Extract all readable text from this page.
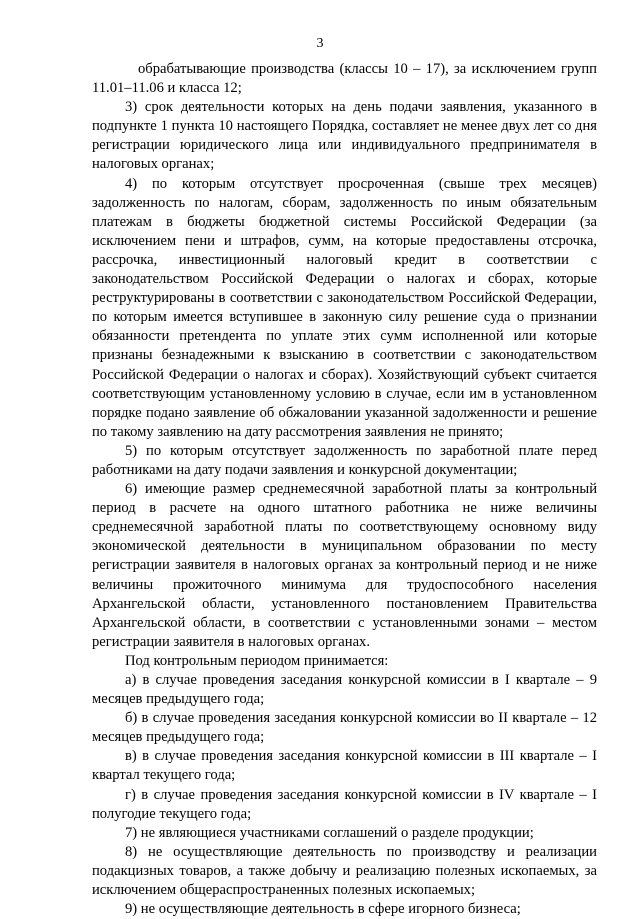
3

обрабатывающие производства (классы 10 – 17), за исключением групп 11.01–11.06 и класса 12;

3) срок деятельности которых на день подачи заявления, указанного в подпункте 1 пункта 10 настоящего Порядка, составляет не менее двух лет со дня регистрации юридического лица или индивидуального предпринимателя в налоговых органах;

4) по которым отсутствует просроченная (свыше трех месяцев) задолженность по налогам, сборам, задолженность по иным обязательным платежам в бюджеты бюджетной системы Российской Федерации (за исключением пени и штрафов, сумм, на которые предоставлены отсрочка, рассрочка, инвестиционный налоговый кредит в соответствии с законодательством Российской Федерации о налогах и сборах, которые реструктурированы в соответствии с законодательством Российской Федерации, по которым имеется вступившее в законную силу решение суда о признании обязанности претендента по уплате этих сумм исполненной или которые признаны безнадежными к взысканию в соответствии с законодательством Российской Федерации о налогах и сборах). Хозяйствующий субъект считается соответствующим установленному условию в случае, если им в установленном порядке подано заявление об обжаловании указанной задолженности и решение по такому заявлению на дату рассмотрения заявления не принято;

5) по которым отсутствует задолженность по заработной плате перед работниками на дату подачи заявления и конкурсной документации;

6) имеющие размер среднемесячной заработной платы за контрольный период в расчете на одного штатного работника не ниже величины среднемесячной заработной платы по соответствующему основному виду экономической деятельности в муниципальном образовании по месту регистрации заявителя в налоговых органах за контрольный период и не ниже величины прожиточного минимума для трудоспособного населения Архангельской области, установленного постановлением Правительства Архангельской области, в соответствии с установленными зонами – местом регистрации заявителя в налоговых органах.

Под контрольным периодом принимается:

а) в случае проведения заседания конкурсной комиссии в I квартале – 9 месяцев предыдущего года;

б) в случае проведения заседания конкурсной комиссии во II квартале – 12 месяцев предыдущего года;

в) в случае проведения заседания конкурсной комиссии в III квартале – I квартал текущего года;

г) в случае проведения заседания конкурсной комиссии в IV квартале – I полугодие текущего года;

7) не являющиеся участниками соглашений о разделе продукции;

8) не осуществляющие деятельность по производству и реализации подакцизных товаров, а также добычу и реализацию полезных ископаемых, за исключением общераспространенных полезных ископаемых;

9) не осуществляющие деятельность в сфере игорного бизнеса;
